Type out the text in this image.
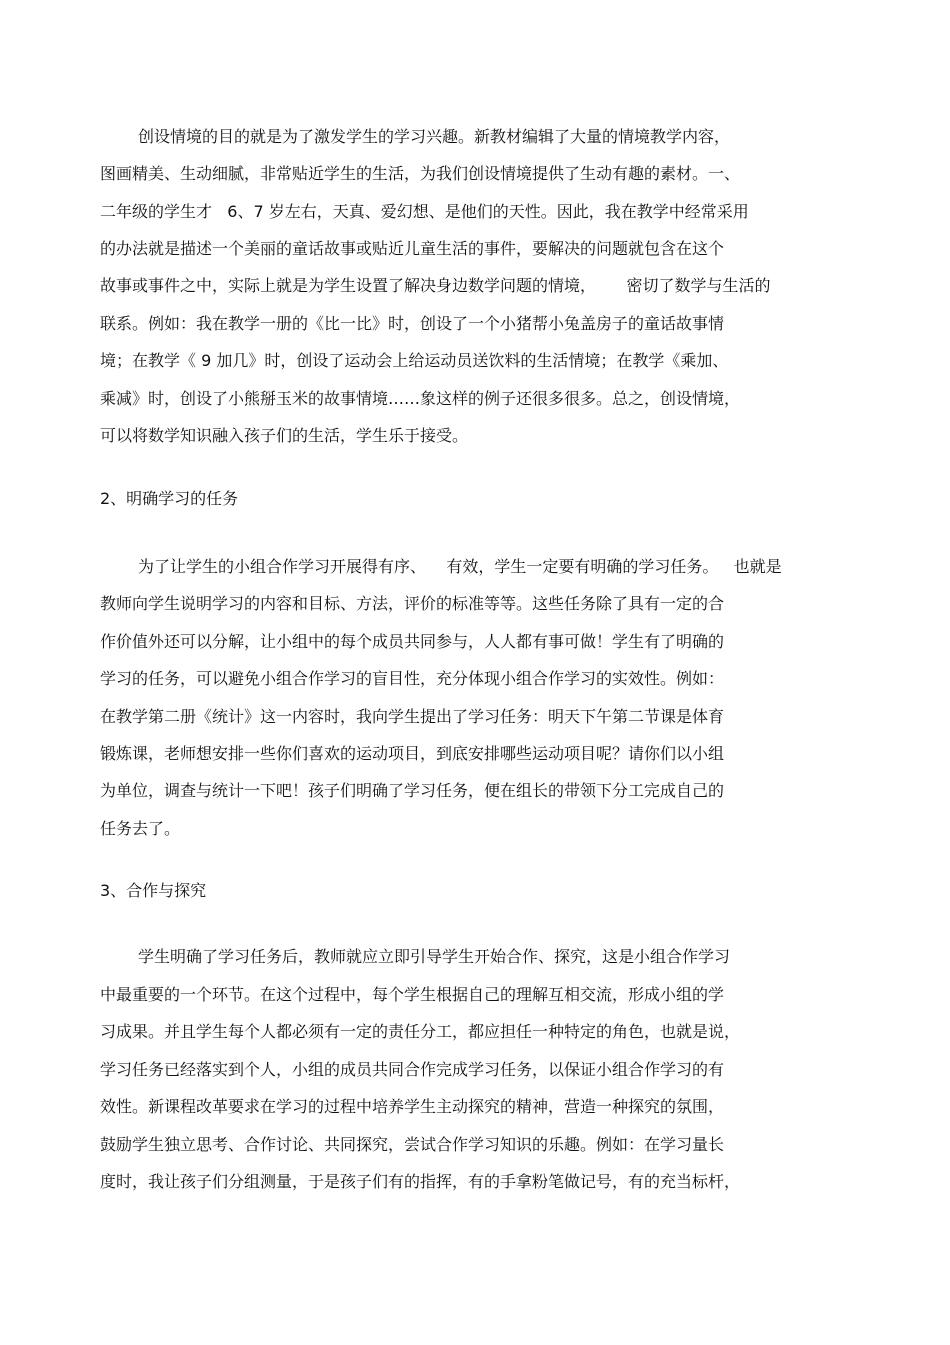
创设情境的目的就是为了激发学生的学习兴趣。新教材编辑了大量的情境教学内容，

图画精美、生动细腻，非常贴近学生的生活，为我们创设情境提供了生动有趣的素材。一、

二年级的学生才   6、7 岁左右，天真、爱幻想、是他们的天性。因此，我在教学中经常采用

的办法就是描述一个美丽的童话故事或贴近儿童生活的事件，要解决的问题就包含在这个

故事或事件之中，实际上就是为学生设置了解决身边数学问题的情境，      密切了数学与生活的

联系。例如：我在教学一册的《比一比》时，创设了一个小猪帮小兔盖房子的童话故事情

境；在教学《 9 加几》时，创设了运动会上给运动员送饮料的生活情境；在教学《乘加、

乘减》时，创设了小熊掰玉米的故事情境……象这样的例子还很多很多。总之，创设情境，

可以将数学知识融入孩子们的生活，学生乐于接受。

2、明确学习的任务

为了让学生的小组合作学习开展得有序、    有效，学生一定要有明确的学习任务。   也就是

教师向学生说明学习的内容和目标、方法，评价的标准等等。这些任务除了具有一定的合

作价值外还可以分解，让小组中的每个成员共同参与，人人都有事可做！学生有了明确的

学习的任务，可以避免小组合作学习的盲目性，充分体现小组合作学习的实效性。例如：

在教学第二册《统计》这一内容时，我向学生提出了学习任务：明天下午第二节课是体育

锻炼课，老师想安排一些你们喜欢的运动项目，到底安排哪些运动项目呢？请你们以小组

为单位，调查与统计一下吧！孩子们明确了学习任务，便在组长的带领下分工完成自己的

任务去了。

3、合作与探究

学生明确了学习任务后，教师就应立即引导学生开始合作、探究，这是小组合作学习

中最重要的一个环节。在这个过程中，每个学生根据自己的理解互相交流，形成小组的学

习成果。并且学生每个人都必须有一定的责任分工，都应担任一种特定的角色，也就是说，

学习任务已经落实到个人，小组的成员共同合作完成学习任务，以保证小组合作学习的有

效性。新课程改革要求在学习的过程中培养学生主动探究的精神，营造一种探究的氛围，

鼓励学生独立思考、合作讨论、共同探究，尝试合作学习知识的乐趣。例如：在学习量长

度时，我让孩子们分组测量，于是孩子们有的指挥，有的手拿粉笔做记号，有的充当标杆，
